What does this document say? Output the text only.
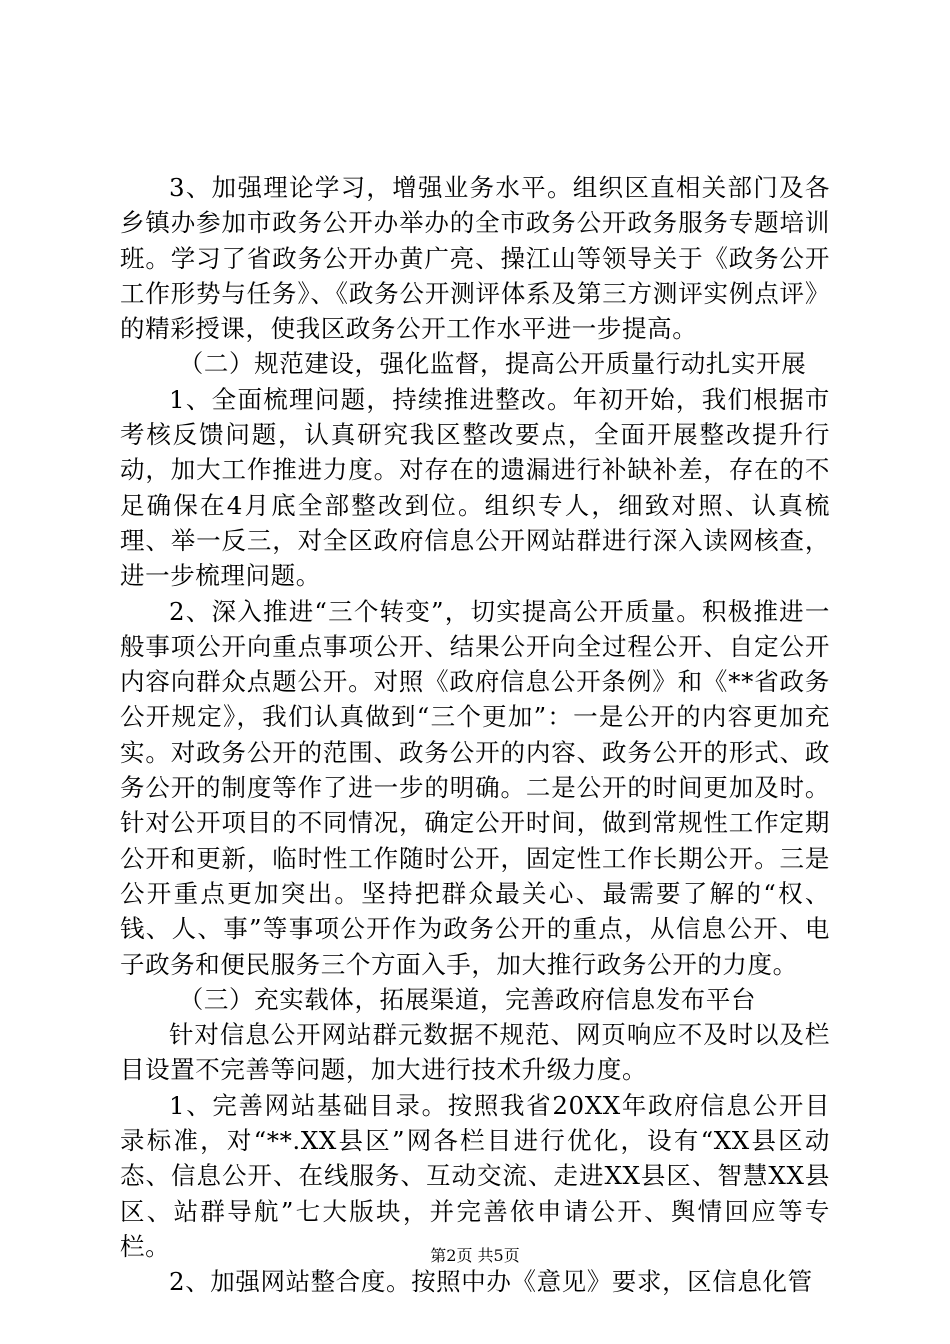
3、加强理论学习，增强业务水平。组织区直相关部门及各乡镇办参加市政务公开办举办的全市政务公开政务服务专题培训班。学习了省政务公开办黄广亮、操江山等领导关于《政务公开工作形势与任务》、《政务公开测评体系及第三方测评实例点评》的精彩授课，使我区政务公开工作水平进一步提高。

（二）规范建设，强化监督，提高公开质量行动扎实开展

1、全面梳理问题，持续推进整改。年初开始，我们根据市考核反馈问题，认真研究我区整改要点，全面开展整改提升行动，加大工作推进力度。对存在的遗漏进行补缺补差，存在的不足确保在4月底全部整改到位。组织专人，细致对照、认真梳理、举一反三，对全区政府信息公开网站群进行深入读网核查，进一步梳理问题。

2、深入推进“三个转变”，切实提高公开质量。积极推进一般事项公开向重点事项公开、结果公开向全过程公开、自定公开内容向群众点题公开。对照《政府信息公开条例》和《**省政务公开规定》，我们认真做到“三个更加”：一是公开的内容更加充实。对政务公开的范围、政务公开的内容、政务公开的形式、政务公开的制度等作了进一步的明确。二是公开的时间更加及时。针对公开项目的不同情况，确定公开时间，做到常规性工作定期公开和更新，临时性工作随时公开，固定性工作长期公开。三是公开重点更加突出。坚持把群众最关心、最需要了解的“权、钱、人、事”等事项公开作为政务公开的重点，从信息公开、电子政务和便民服务三个方面入手，加大推行政务公开的力度。

（三）充实载体，拓展渠道，完善政府信息发布平台

针对信息公开网站群元数据不规范、网页响应不及时以及栏目设置不完善等问题，加大进行技术升级力度。

1、完善网站基础目录。按照我省20XX年政府信息公开目录标准，对“**.XX县区”网各栏目进行优化，设有“XX县区动态、信息公开、在线服务、互动交流、走进XX县区、智慧XX县区、站群导航”七大版块，并完善依申请公开、舆情回应等专栏。

2、加强网站整合度。按照中办《意见》要求，区信息化管

第2页 共5页
